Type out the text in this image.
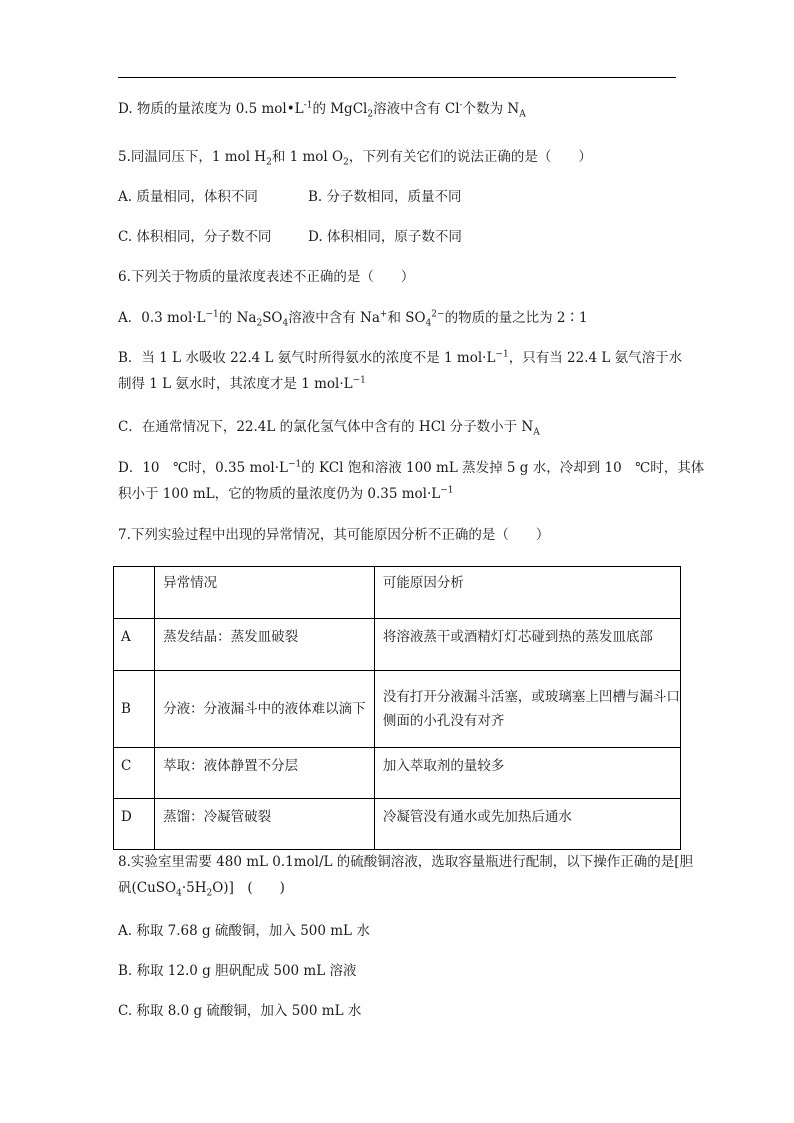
D. 物质的量浓度为 0.5 $mol•L^{-1}$的 MgCl$_2$溶液中含有 Cl-个数为 $N_A$
5.同温同压下，1 mol $H_2$和 1 mol $O_2$，下列有关它们的说法正确的是（　　）
A. 质量相同，体积不同	B. 分子数相同，质量不同
C. 体积相同，分子数不同	D. 体积相同，原子数不同
6.下列关于物质的量浓度表述不正确的是（　　）
A．0.3 $mol\cdot L^{-1}$的 $Na_2SO_4$溶液中含有 Na+和 $SO_4^{2-}$的物质的量之比为 2∶1
B．当 1 L 水吸收 22.4 L 氨气时所得氨水的浓度不是 1 $mol\cdot L^{-1}$，只有当 22.4 L 氨气溶于水
制得 1 L 氨水时，其浓度才是 1 $mol\cdot L^{-1}$
C．在通常情况下，22.4L 的氯化氢气体中含有的 HCl 分子数小于 $N_A$
D．10　℃时，0.35 $mol\cdot L^{-1}$的 KCl 饱和溶液 100 mL 蒸发掉 5 g 水，冷却到 10　℃时，其体
积小于 100 mL，它的物质的量浓度仍为 0.35 $mol\cdot L^{-1}$
7.下列实验过程中出现的异常情况，其可能原因分析不正确的是（　　）
	异常情况	可能原因分析
A	蒸发结晶：蒸发皿破裂	将溶液蒸干或酒精灯灯芯碰到热的蒸发皿底部
B	分液：分液漏斗中的液体难以滴下	没有打开分液漏斗活塞，或玻璃塞上凹槽与漏斗口侧面的小孔没有对齐
C	萃取：液体静置不分层	加入萃取剂的量较多
D	蒸馏：冷凝管破裂	冷凝管没有通水或先加热后通水
8.实验室里需要 480 mL 0.1mol/L 的硫酸铜溶液，选取容量瓶进行配制，以下操作正确的是[胆
矾$(CuSO_4\cdot 5H_2O)$]　(　　)
A. 称取 7.68 g 硫酸铜，加入 500 mL 水
B. 称取 12.0 g 胆矾配成 500 mL 溶液
C. 称取 8.0 g 硫酸铜，加入 500 mL 水
